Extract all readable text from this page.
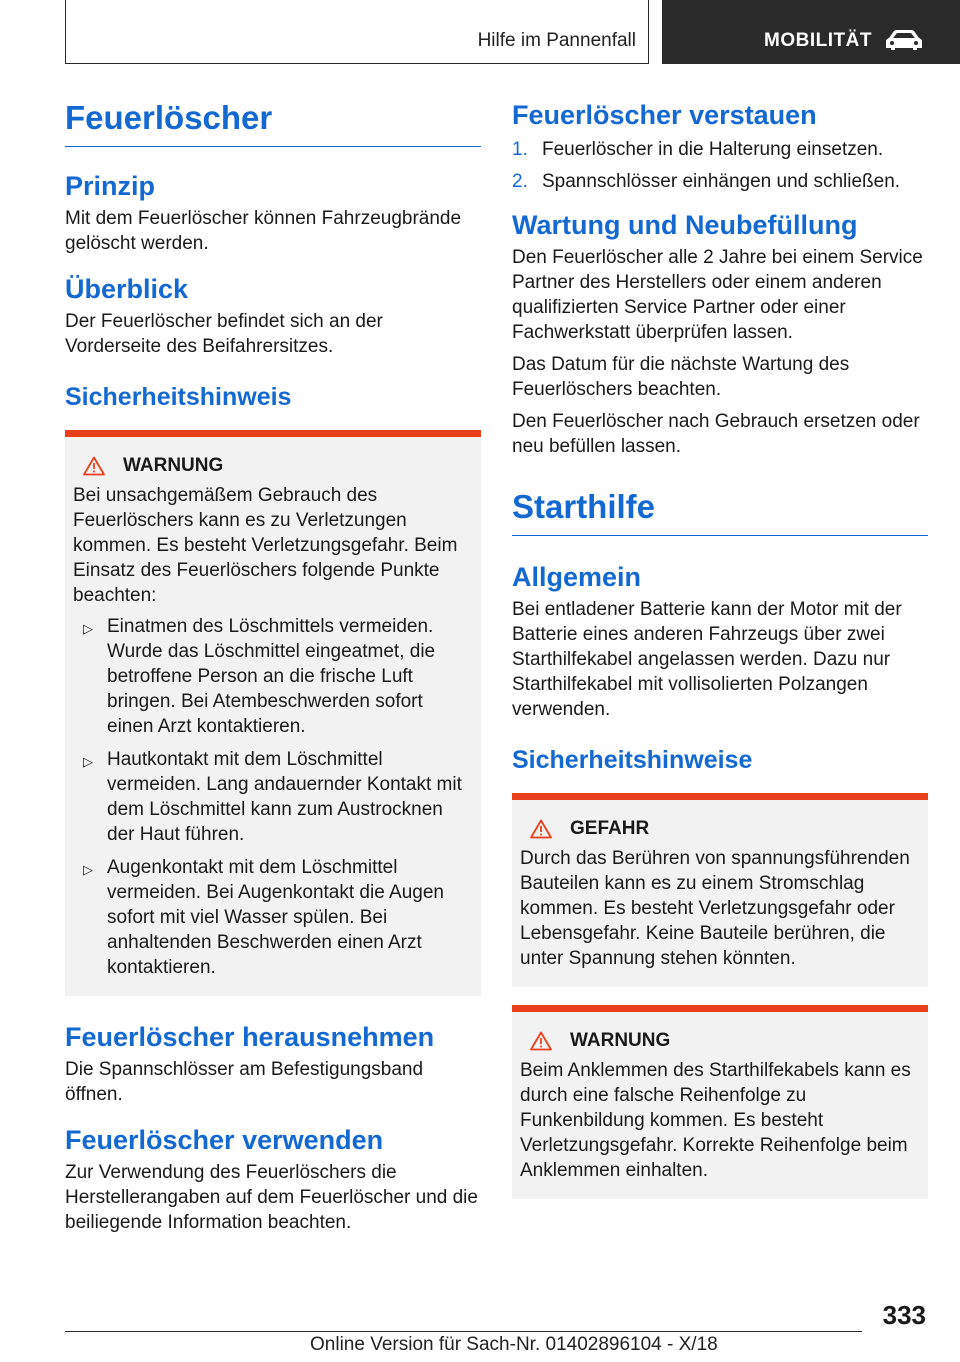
Hilfe im Pannenfall	MOBILITÄT
Feuerlöscher
Prinzip

Mit dem Feuerlöscher können Fahrzeugbrände gelöscht werden.

Überblick

Der Feuerlöscher befindet sich an der Vorderseite des Beifahrersitzes.

Sicherheitshinweis
WARNUNG

Bei unsachgemäßem Gebrauch des Feuerlöschers kann es zu Verletzungen kommen. Es besteht Verletzungsgefahr. Beim Einsatz des Feuerlöschers folgende Punkte beachten:

▷ Einatmen des Löschmittels vermeiden. Wurde das Löschmittel eingeatmet, die betroffene Person an die frische Luft bringen. Bei Atembeschwerden sofort einen Arzt kontaktieren.
▷ Hautkontakt mit dem Löschmittel vermeiden. Lang andauernder Kontakt mit dem Löschmittel kann zum Austrocknen der Haut führen.
▷ Augenkontakt mit dem Löschmittel vermeiden. Bei Augenkontakt die Augen sofort mit viel Wasser spülen. Bei anhaltenden Beschwerden einen Arzt kontaktieren.
Feuerlöscher herausnehmen

Die Spannschlösser am Befestigungsband öffnen.

Feuerlöscher verwenden

Zur Verwendung des Feuerlöschers die Herstellerangaben auf dem Feuerlöscher und die beiliegende Information beachten.

Feuerlöscher verstauen
1. Feuerlöscher in die Halterung einsetzen.
2. Spannschlösser einhängen und schließen.
Wartung und Neubefüllung

Den Feuerlöscher alle 2 Jahre bei einem Service Partner des Herstellers oder einem anderen qualifizierten Service Partner oder einer Fachwerkstatt überprüfen lassen.

Das Datum für die nächste Wartung des Feuerlöschers beachten.

Den Feuerlöscher nach Gebrauch ersetzen oder neu befüllen lassen.

Starthilfe
Allgemein

Bei entladener Batterie kann der Motor mit der Batterie eines anderen Fahrzeugs über zwei Starthilfekabel angelassen werden. Dazu nur Starthilfekabel mit vollisolierten Polzangen verwenden.

Sicherheitshinweise
GEFAHR

Durch das Berühren von spannungsführenden Bauteilen kann es zu einem Stromschlag kommen. Es besteht Verletzungsgefahr oder Lebensgefahr. Keine Bauteile berühren, die unter Spannung stehen könnten.

WARNUNG

Beim Anklemmen des Starthilfekabels kann es durch eine falsche Reihenfolge zu Funkenbildung kommen. Es besteht Verletzungsgefahr. Korrekte Reihenfolge beim Anklemmen einhalten.

333
Online Version für Sach-Nr. 01402896104 - X/18
